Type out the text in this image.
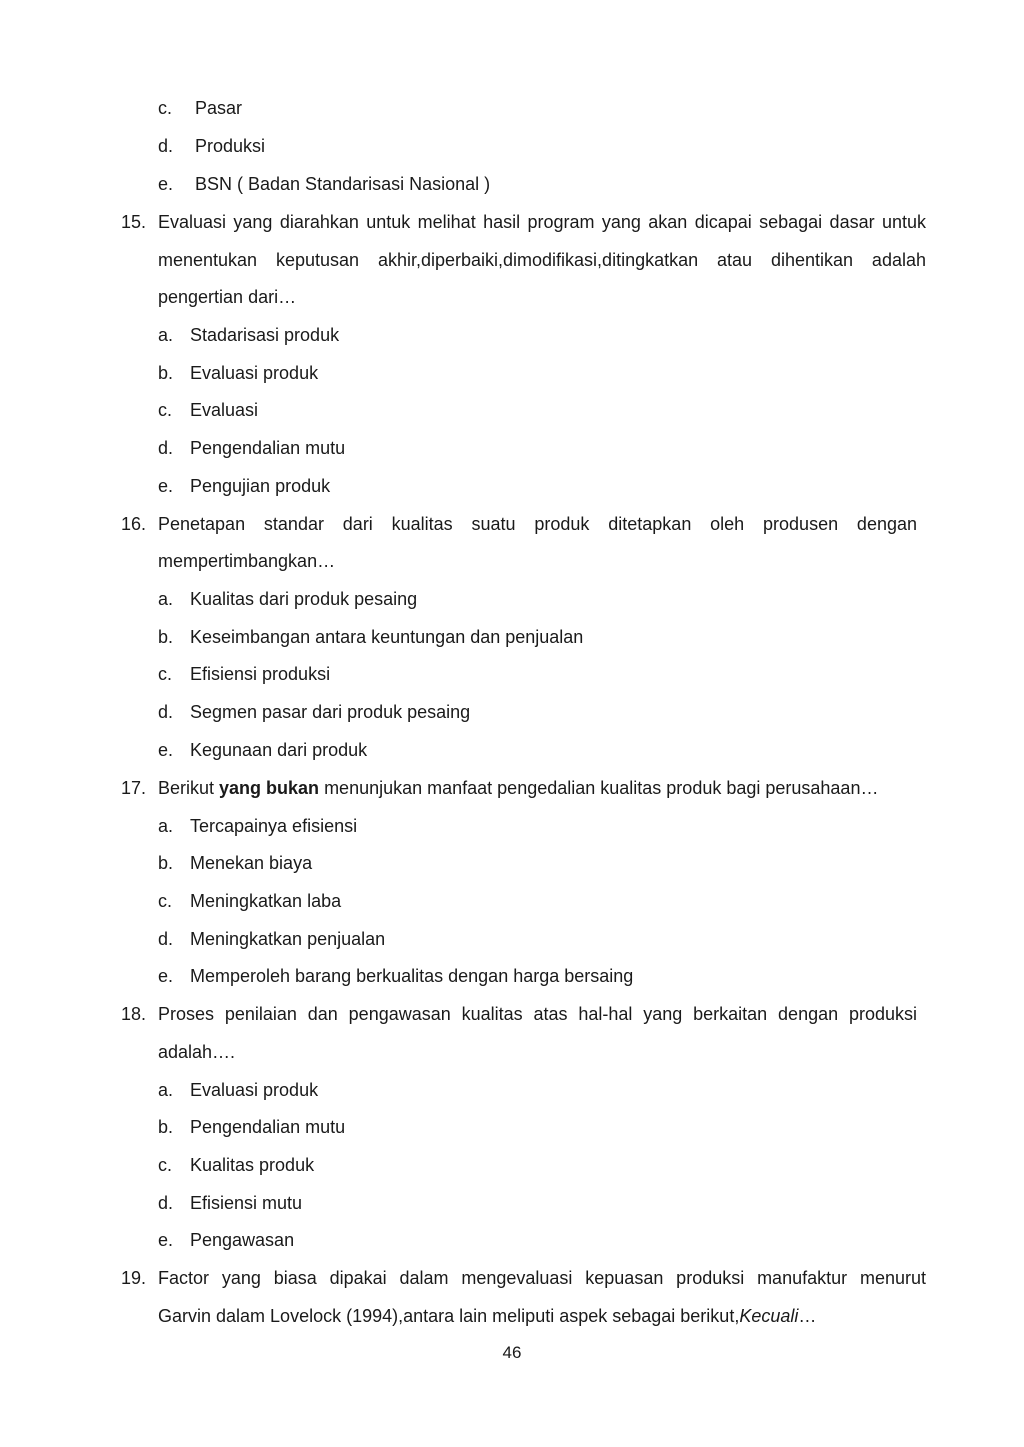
c. Pasar
d. Produksi
e. BSN ( Badan Standarisasi Nasional )
15. Evaluasi yang diarahkan untuk melihat hasil program yang akan dicapai sebagai dasar untuk
menentukan keputusan akhir,diperbaiki,dimodifikasi,ditingkatkan atau dihentikan adalah
pengertian dari…
a. Stadarisasi produk
b. Evaluasi produk
c. Evaluasi
d. Pengendalian mutu
e. Pengujian produk
16. Penetapan standar dari kualitas suatu produk ditetapkan oleh produsen dengan
mempertimbangkan…
a. Kualitas dari produk pesaing
b. Keseimbangan antara keuntungan dan penjualan
c. Efisiensi produksi
d. Segmen pasar dari produk pesaing
e. Kegunaan dari produk
17. Berikut yang bukan menunjukan manfaat pengedalian kualitas produk bagi perusahaan…
a. Tercapainya efisiensi
b. Menekan biaya
c. Meningkatkan laba
d. Meningkatkan penjualan
e. Memperoleh barang berkualitas dengan harga bersaing
18. Proses penilaian dan pengawasan kualitas atas hal-hal yang berkaitan dengan produksi
adalah….
a. Evaluasi produk
b. Pengendalian mutu
c. Kualitas produk
d. Efisiensi mutu
e. Pengawasan
19. Factor yang biasa dipakai dalam mengevaluasi kepuasan produksi manufaktur menurut
Garvin dalam Lovelock (1994),antara lain meliputi aspek sebagai berikut,Kecuali…
46
